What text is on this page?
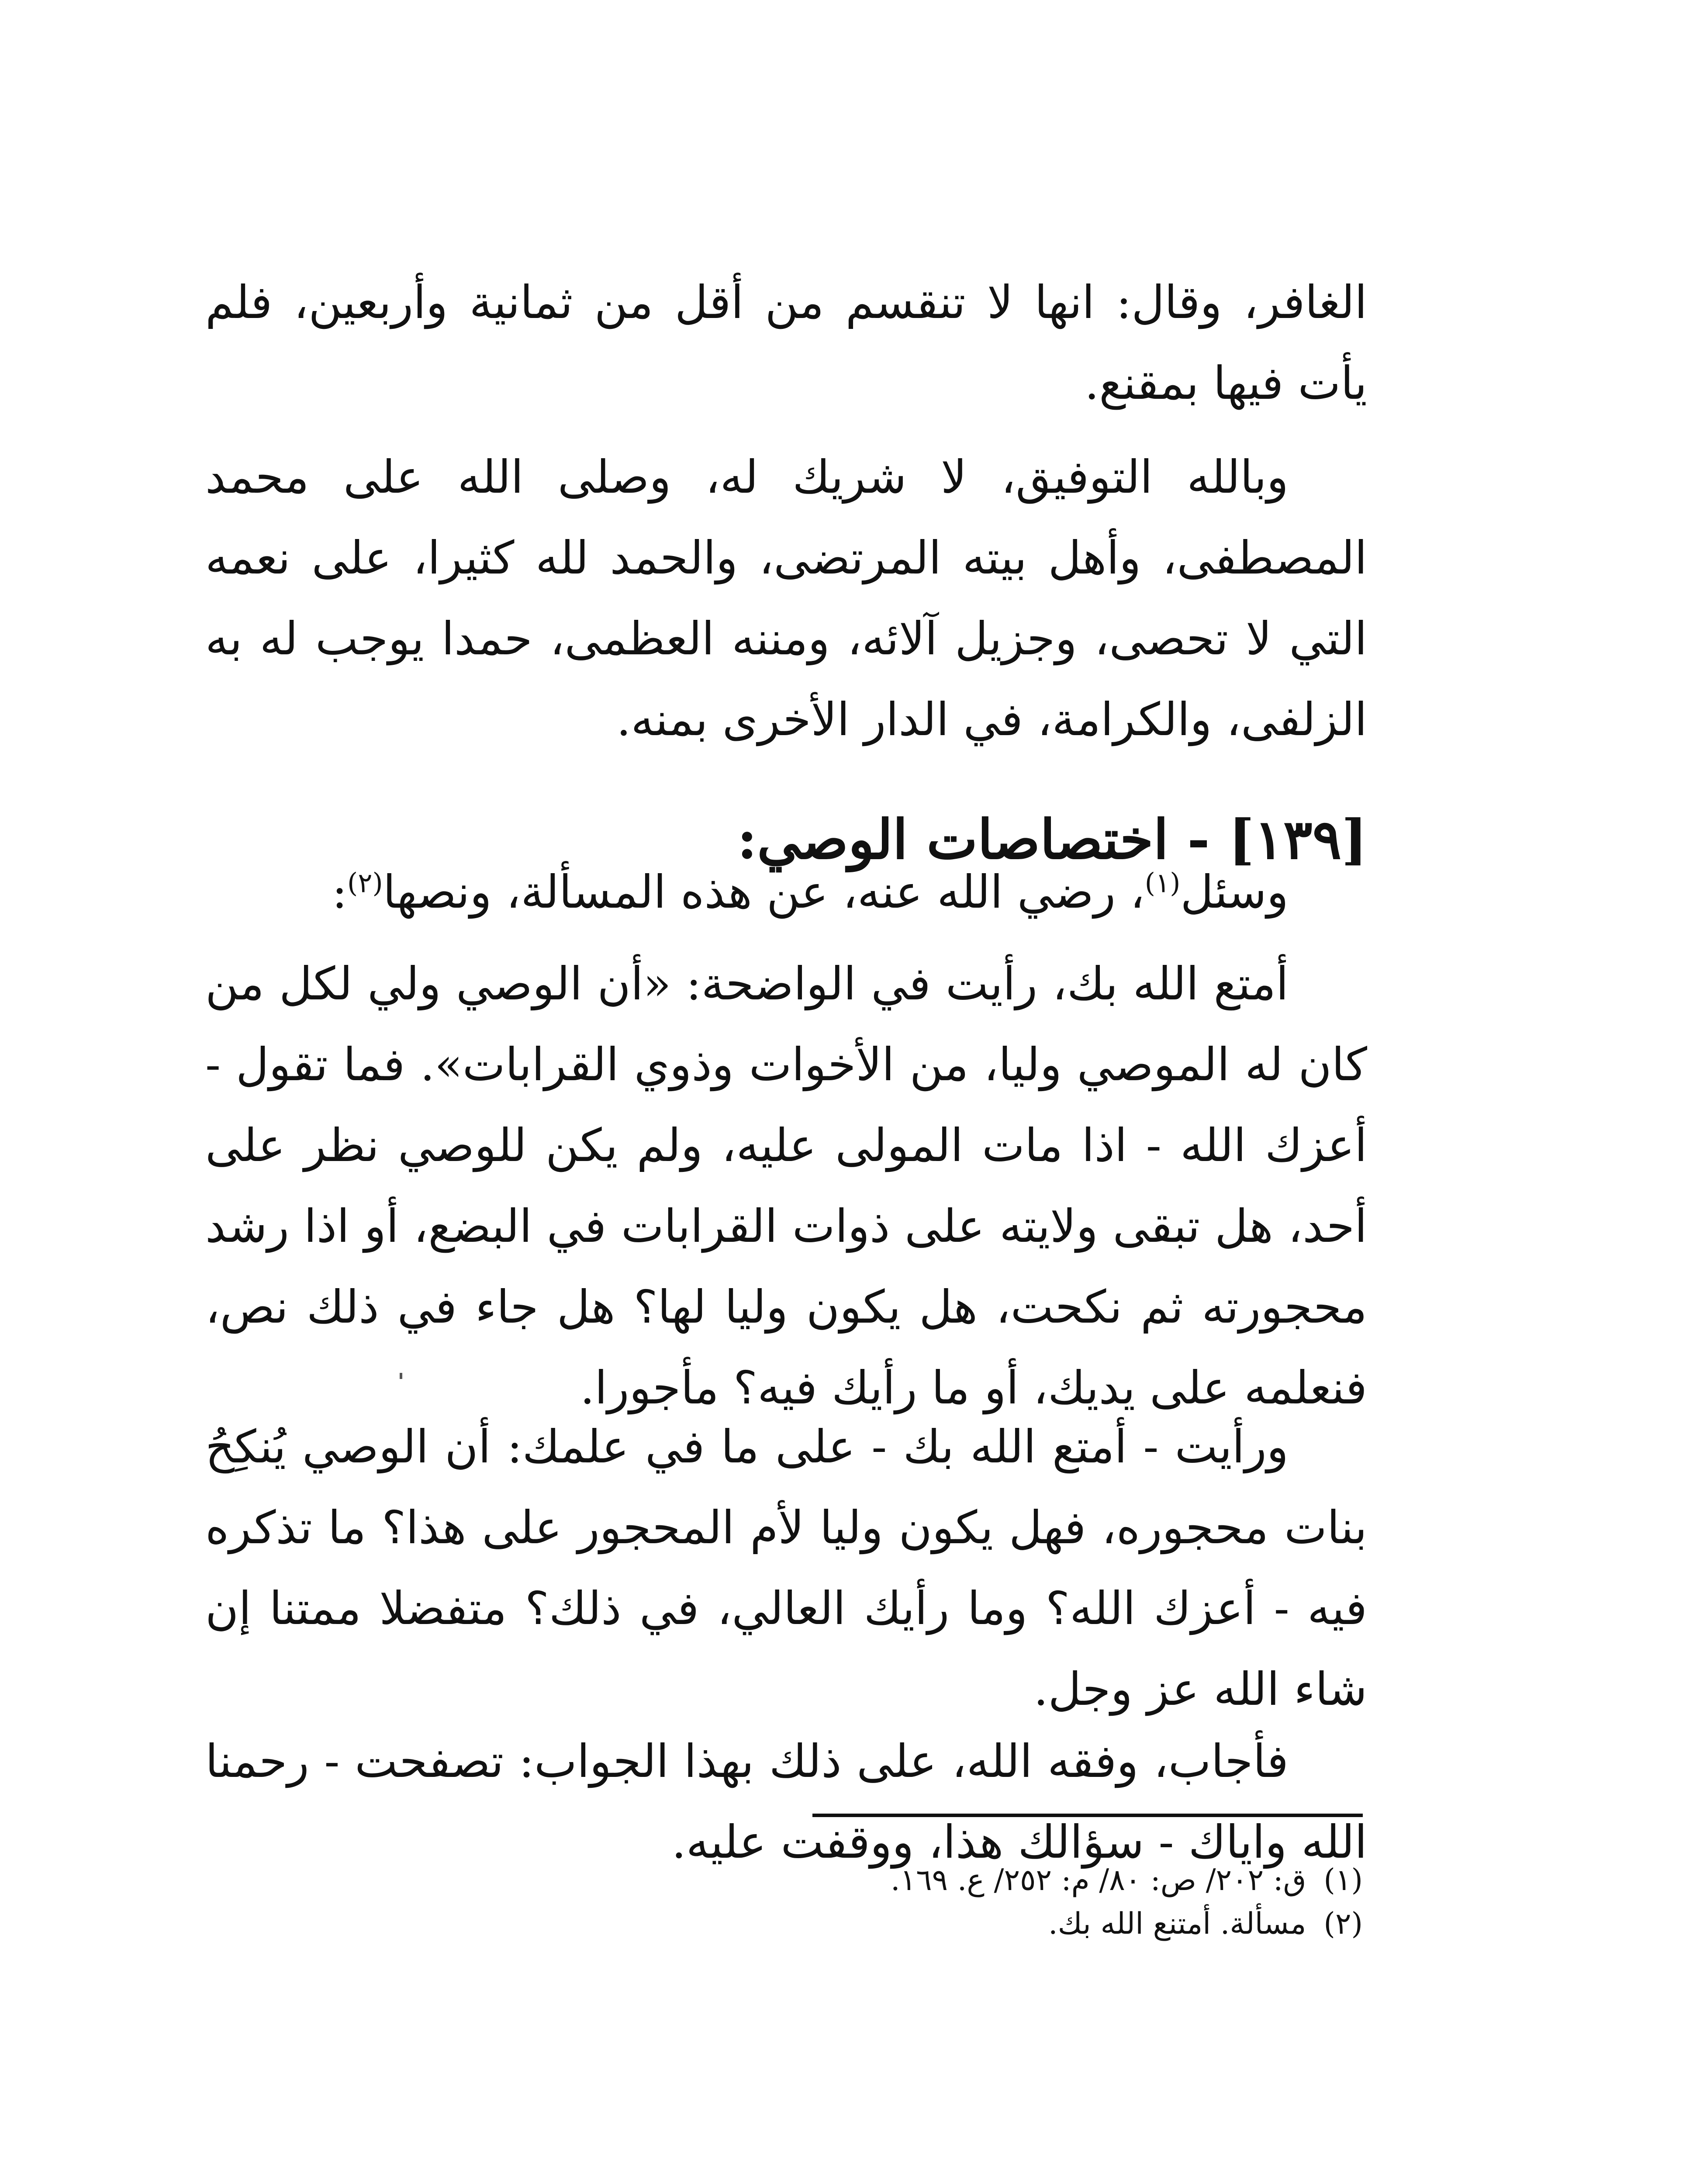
الغافر، وقال: انها لا تنقسم من أقل من ثمانية وأربعين، فلم يأت فيها بمقنع.

وبالله التوفيق، لا شريك له، وصلى الله على محمد المصطفى، وأهل بيته المرتضى، والحمد لله كثيرا، على نعمه التي لا تحصى، وجزيل آلائه، ومننه العظمى، حمدا يوجب له به الزلفى، والكرامة، في الدار الأخرى بمنه.

[١٣٩] - اختصاصات الوصي:

وسئل$^{(١)}$، رضي الله عنه، عن هذه المسألة، ونصها$^{(٢)}$:

أمتع الله بك، رأيت في الواضحة: «أن الوصي ولي لكل من كان له الموصي وليا، من الأخوات وذوي القرابات». فما تقول - أعزك الله - اذا مات المولى عليه، ولم يكن للوصي نظر على أحد، هل تبقى ولايته على ذوات القرابات في البضع، أو اذا رشد محجورته ثم نكحت، هل يكون وليا لها؟ هل جاء في ذلك نص، فنعلمه على يديك، أو ما رأيك فيه؟ مأجورا.

ورأيت - أمتع الله بك - على ما في علمك: أن الوصي يُنكِحُ بنات محجوره، فهل يكون وليا لأم المحجور على هذا؟ ما تذكره فيه - أعزك الله؟ وما رأيك العالي، في ذلك؟ متفضلا ممتنا إن شاء الله عز وجل.

فأجاب، وفقه الله، على ذلك بهذا الجواب: تصفحت - رحمنا الله واياك - سؤالك هذا، ووقفت عليه.

(١)ق: ٢٠٢/ ص: ٨٠/ م: ٢٥٢/ ع. ١٦٩.

(٢)مسألة. أمتنع الله بك.
